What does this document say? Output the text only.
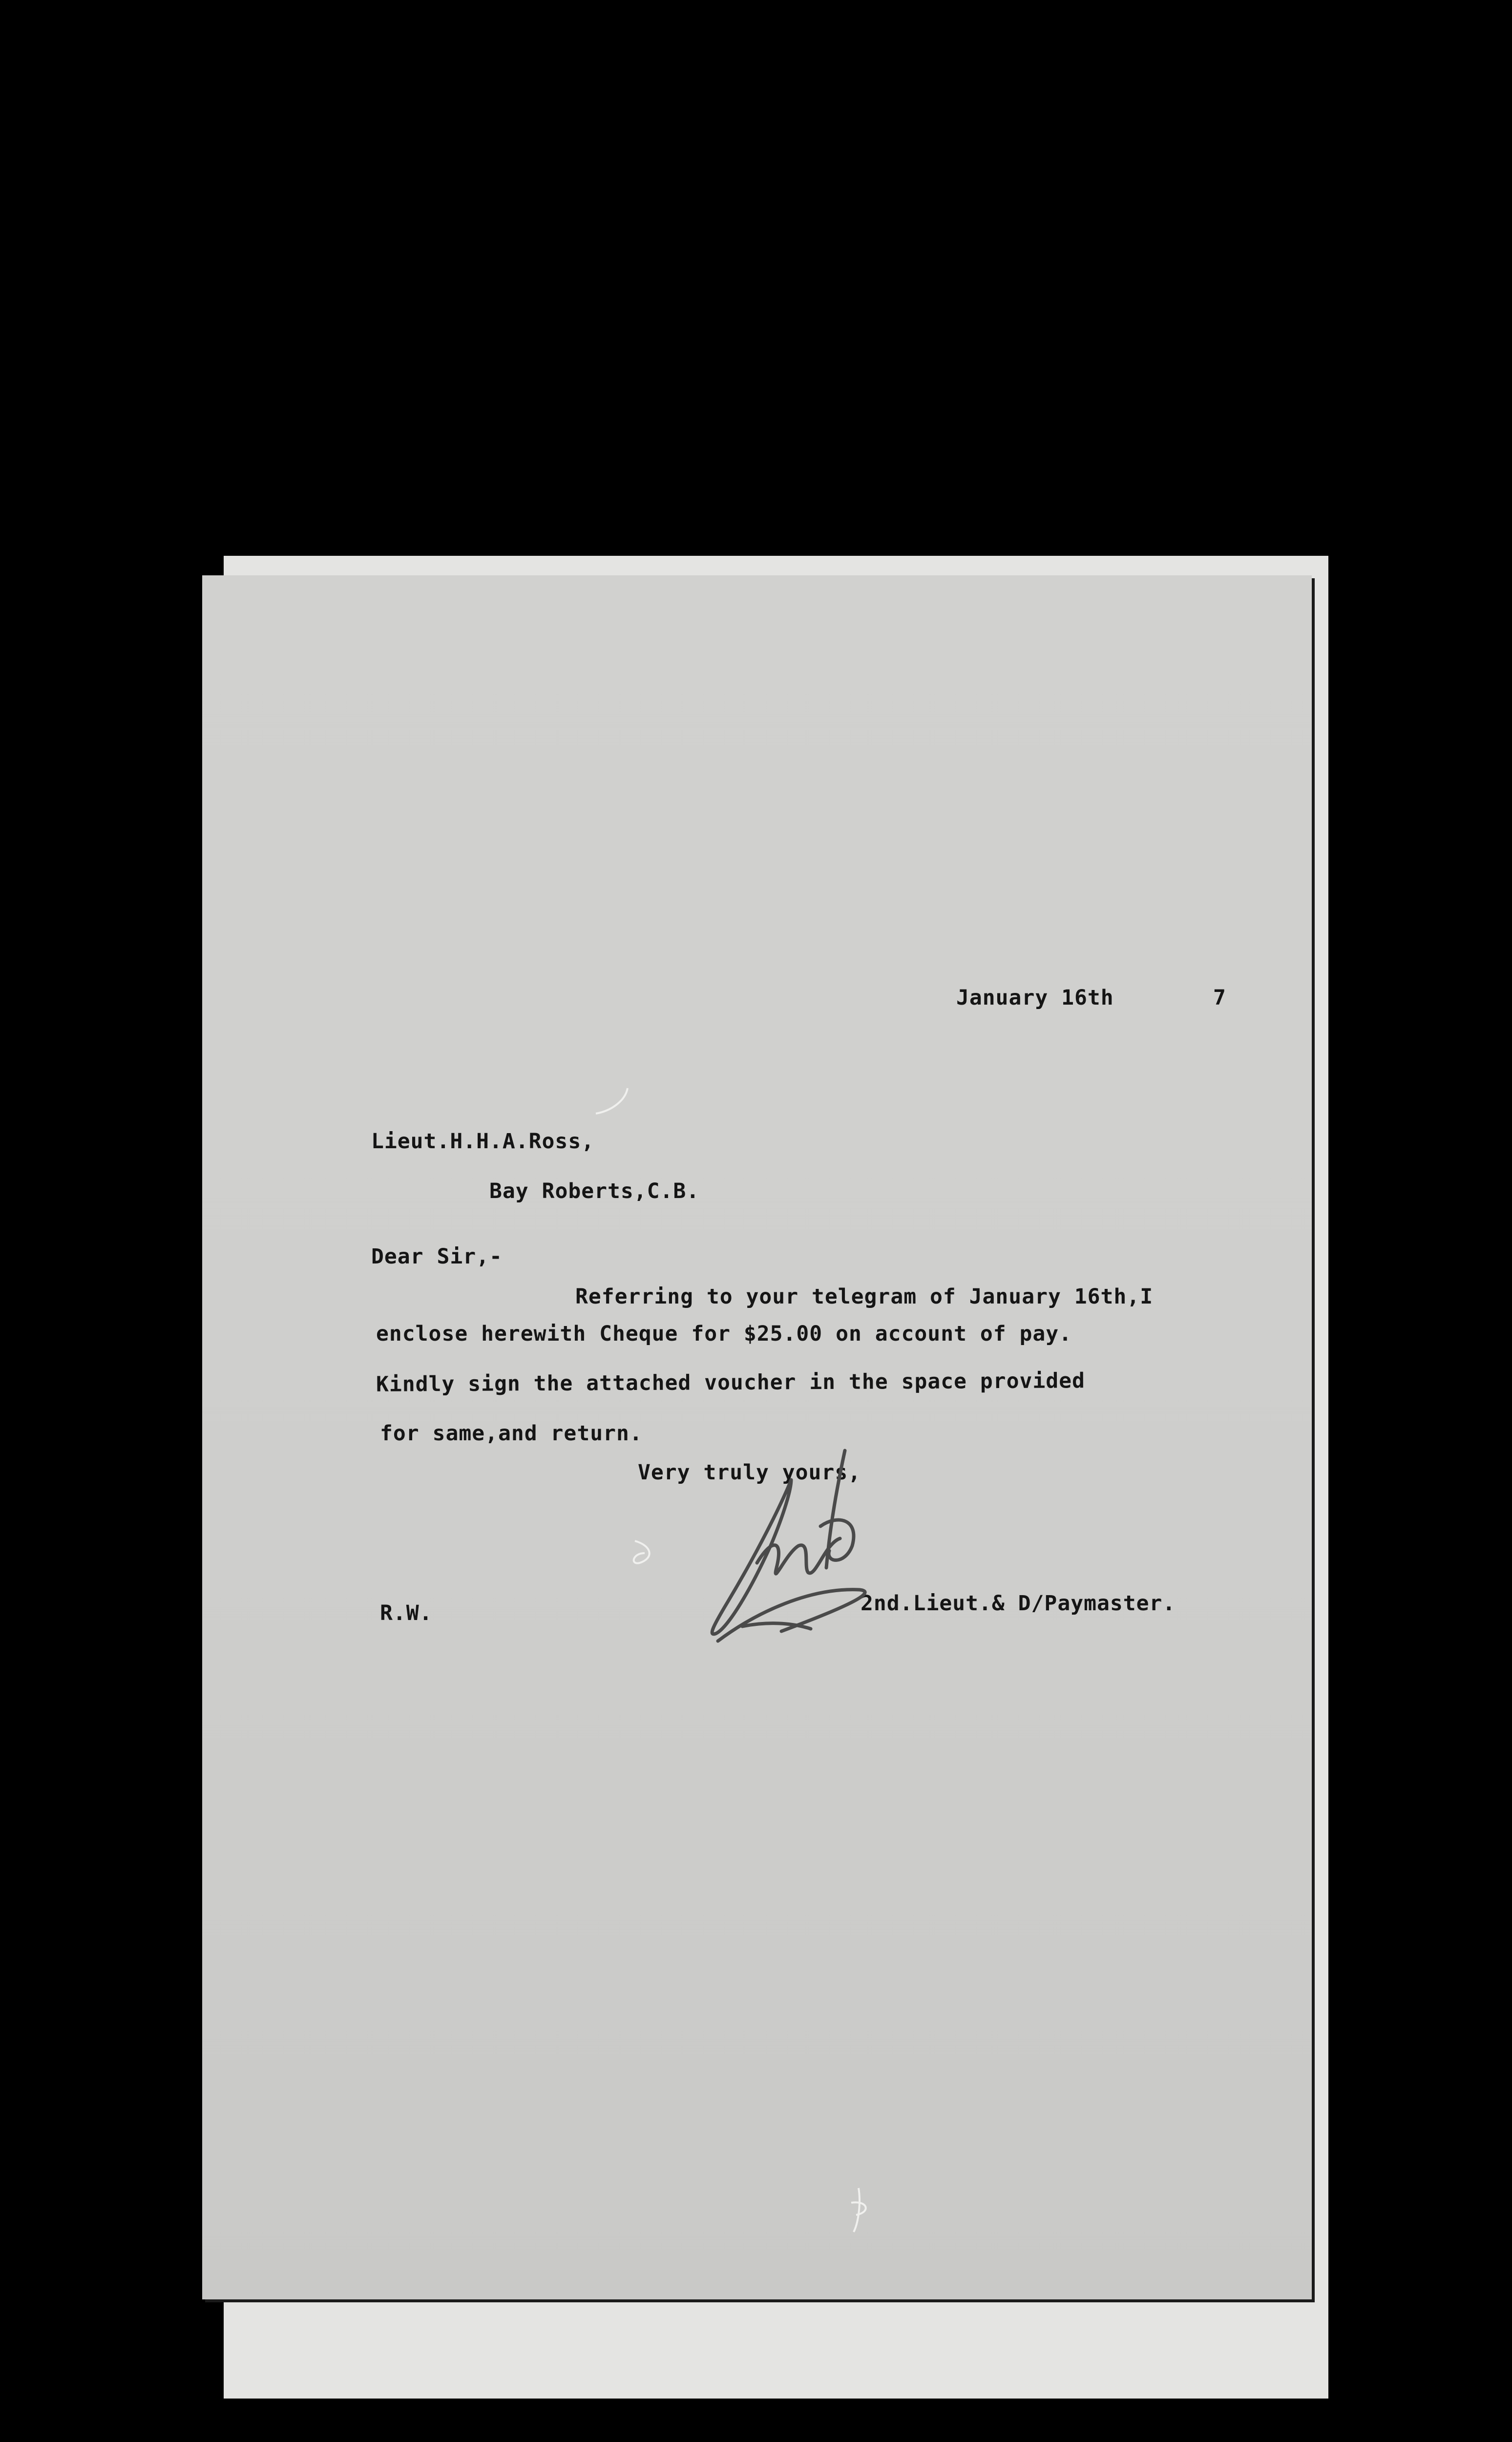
January 16th	7
Lieut.H.H.A.Ross,
Bay Roberts,C.B.
Dear Sir,-
Referring to your telegram of January 16th,I
enclose herewith Cheque for $25.00 on account of pay.
Kindly sign the attached voucher in the space provided
for same,and return.
Very truly yours,
R.W.	2nd.Lieut.& D/Paymaster.
